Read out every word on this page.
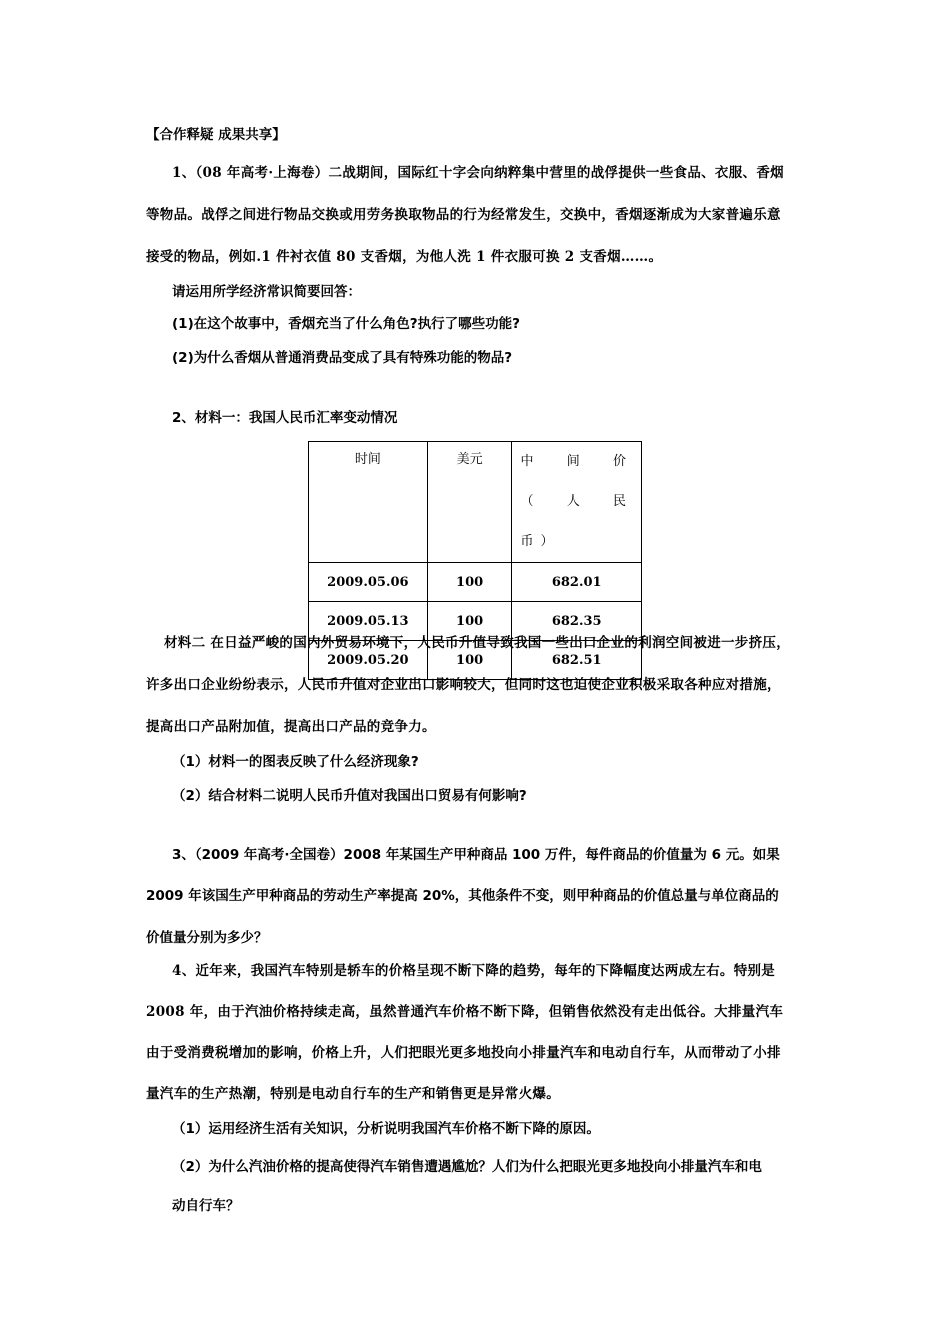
【合作释疑 成果共享】
1、（08 年高考·上海卷）二战期间，国际红十字会向纳粹集中营里的战俘提供一些食品、衣服、香烟
等物品。战俘之间进行物品交换或用劳务换取物品的行为经常发生，交换中，香烟逐渐成为大家普遍乐意
接受的物品，例如.1 件衬衣值 80 支香烟，为他人洗 1 件衣服可换 2 支香烟……。
请运用所学经济常识简要回答：
(1)在这个故事中，香烟充当了什么角色?执行了哪些功能?
(2)为什么香烟从普通消费品变成了具有特殊功能的物品?
2、材料一：我国人民币汇率变动情况
时间	美元	中 间 价 （ 人 民 币）
2009.05.06	100	682.01
2009.05.13	100	682.35
2009.05.20	100	682.51
材料二 在日益严峻的国内外贸易环境下，人民币升值导致我国一些出口企业的利润空间被进一步挤压，
许多出口企业纷纷表示，人民币升值对企业出口影响较大，但同时这也迫使企业积极采取各种应对措施，
提高出口产品附加值，提高出口产品的竞争力。
（1）材料一的图表反映了什么经济现象?
（2）结合材料二说明人民币升值对我国出口贸易有何影响?
3、（2009 年高考·全国卷）2008 年某国生产甲种商品 100 万件，每件商品的价值量为 6 元。如果
2009 年该国生产甲种商品的劳动生产率提高 20%，其他条件不变，则甲种商品的价值总量与单位商品的
价值量分别为多少？
4、近年来，我国汽车特别是轿车的价格呈现不断下降的趋势，每年的下降幅度达两成左右。特别是
2008 年，由于汽油价格持续走高，虽然普通汽车价格不断下降，但销售依然没有走出低谷。大排量汽车
由于受消费税增加的影响，价格上升，人们把眼光更多地投向小排量汽车和电动自行车，从而带动了小排
量汽车的生产热潮，特别是电动自行车的生产和销售更是异常火爆。
（1）运用经济生活有关知识，分析说明我国汽车价格不断下降的原因。
（2）为什么汽油价格的提高使得汽车销售遭遇尴尬？人们为什么把眼光更多地投向小排量汽车和电
动自行车？
